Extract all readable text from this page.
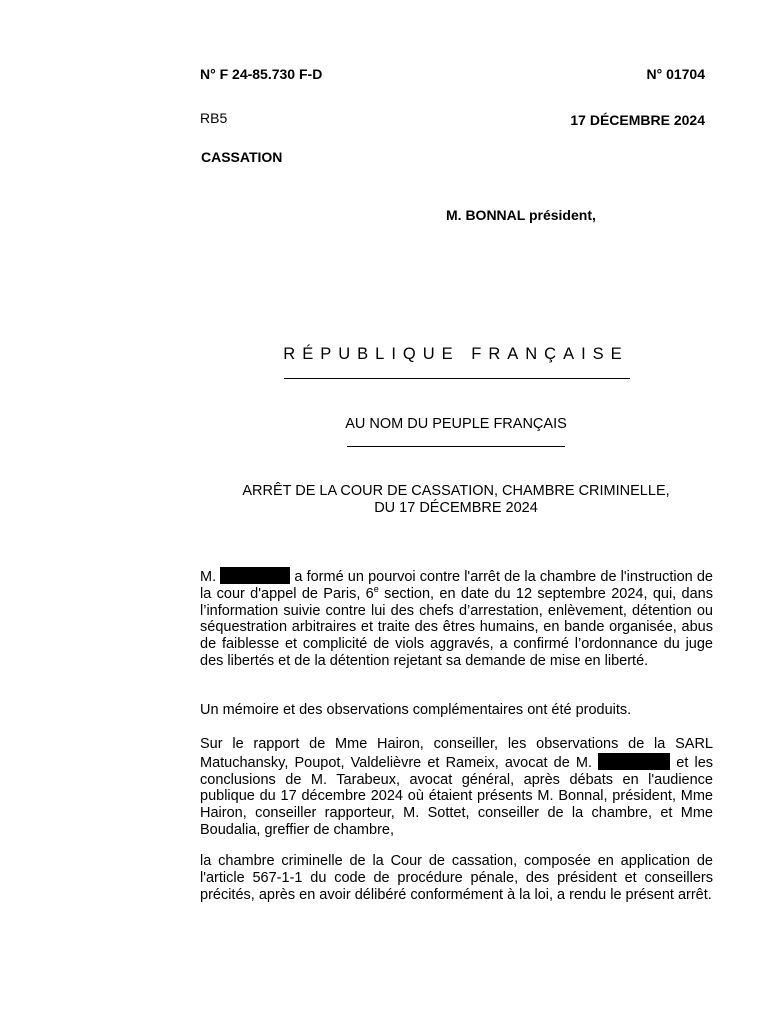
N° F 24-85.730 F-D	N° 01704
RB5	17 DÉCEMBRE 2024
CASSATION
M. BONNAL président,
RÉPUBLIQUE FRANÇAISE
AU NOM DU PEUPLE FRANÇAIS
ARRÊT DE LA COUR DE CASSATION, CHAMBRE CRIMINELLE,
DU 17 DÉCEMBRE 2024
M.	a formé un pourvoi contre l'arrêt de la chambre de l'instruction de la cour d'appel de Paris, 6e section, en date du 12 septembre 2024, qui, dans l’information suivie contre lui des chefs d’arrestation, enlèvement, détention ou séquestration arbitraires et traite des êtres humains, en bande organisée, abus de faiblesse et complicité de viols aggravés, a confirmé l’ordonnance du juge des libertés et de la détention rejetant sa demande de mise en liberté.
Un mémoire et des observations complémentaires ont été produits.
Sur le rapport de Mme Hairon, conseiller, les observations de la SARL Matuchansky, Poupot, Valdelièvre et Rameix, avocat de M.	et les conclusions de M. Tarabeux, avocat général, après débats en l'audience publique du 17 décembre 2024 où étaient présents M. Bonnal, président, Mme Hairon, conseiller rapporteur, M. Sottet, conseiller de la chambre, et Mme Boudalia, greffier de chambre,
la chambre criminelle de la Cour de cassation, composée en application de l'article 567-1-1 du code de procédure pénale, des président et conseillers précités, après en avoir délibéré conformément à la loi, a rendu le présent arrêt.
